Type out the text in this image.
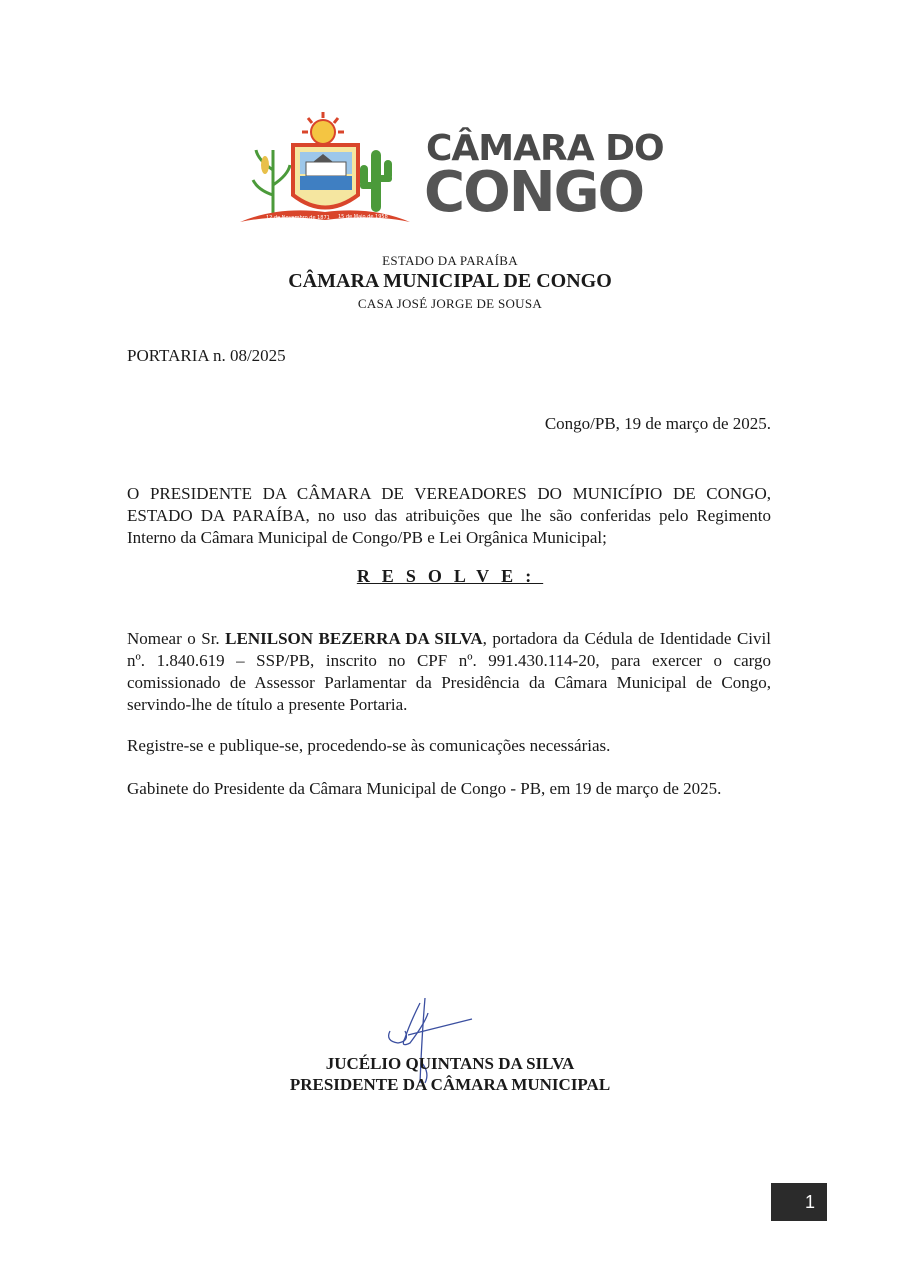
12 de Novembro de 1871 15 de Maio de 1958
CÂMARA DO
CONGO
ESTADO DA PARAÍBA
CÂMARA MUNICIPAL DE CONGO
CASA JOSÉ JORGE DE SOUSA
PORTARIA n. 08/2025
Congo/PB, 19 de março de 2025.
O PRESIDENTE DA CÂMARA DE VEREADORES DO MUNICÍPIO DE CONGO, ESTADO DA PARAÍBA, no uso das atribuições que lhe são conferidas pelo Regimento Interno da Câmara Municipal de Congo/PB e Lei Orgânica Municipal;
RESOLVE:
Nomear o Sr. LENILSON BEZERRA DA SILVA, portadora da Cédula de Identidade Civil nº. 1.840.619 – SSP/PB, inscrito no CPF nº. 991.430.114-20, para exercer o cargo comissionado de Assessor Parlamentar da Presidência da Câmara Municipal de Congo, servindo-lhe de título a presente Portaria.
Registre-se e publique-se, procedendo-se às comunicações necessárias.
Gabinete do Presidente da Câmara Municipal de Congo - PB, em 19 de março de 2025.
JUCÉLIO QUINTANS DA SILVA
PRESIDENTE DA CÂMARA MUNICIPAL
1
